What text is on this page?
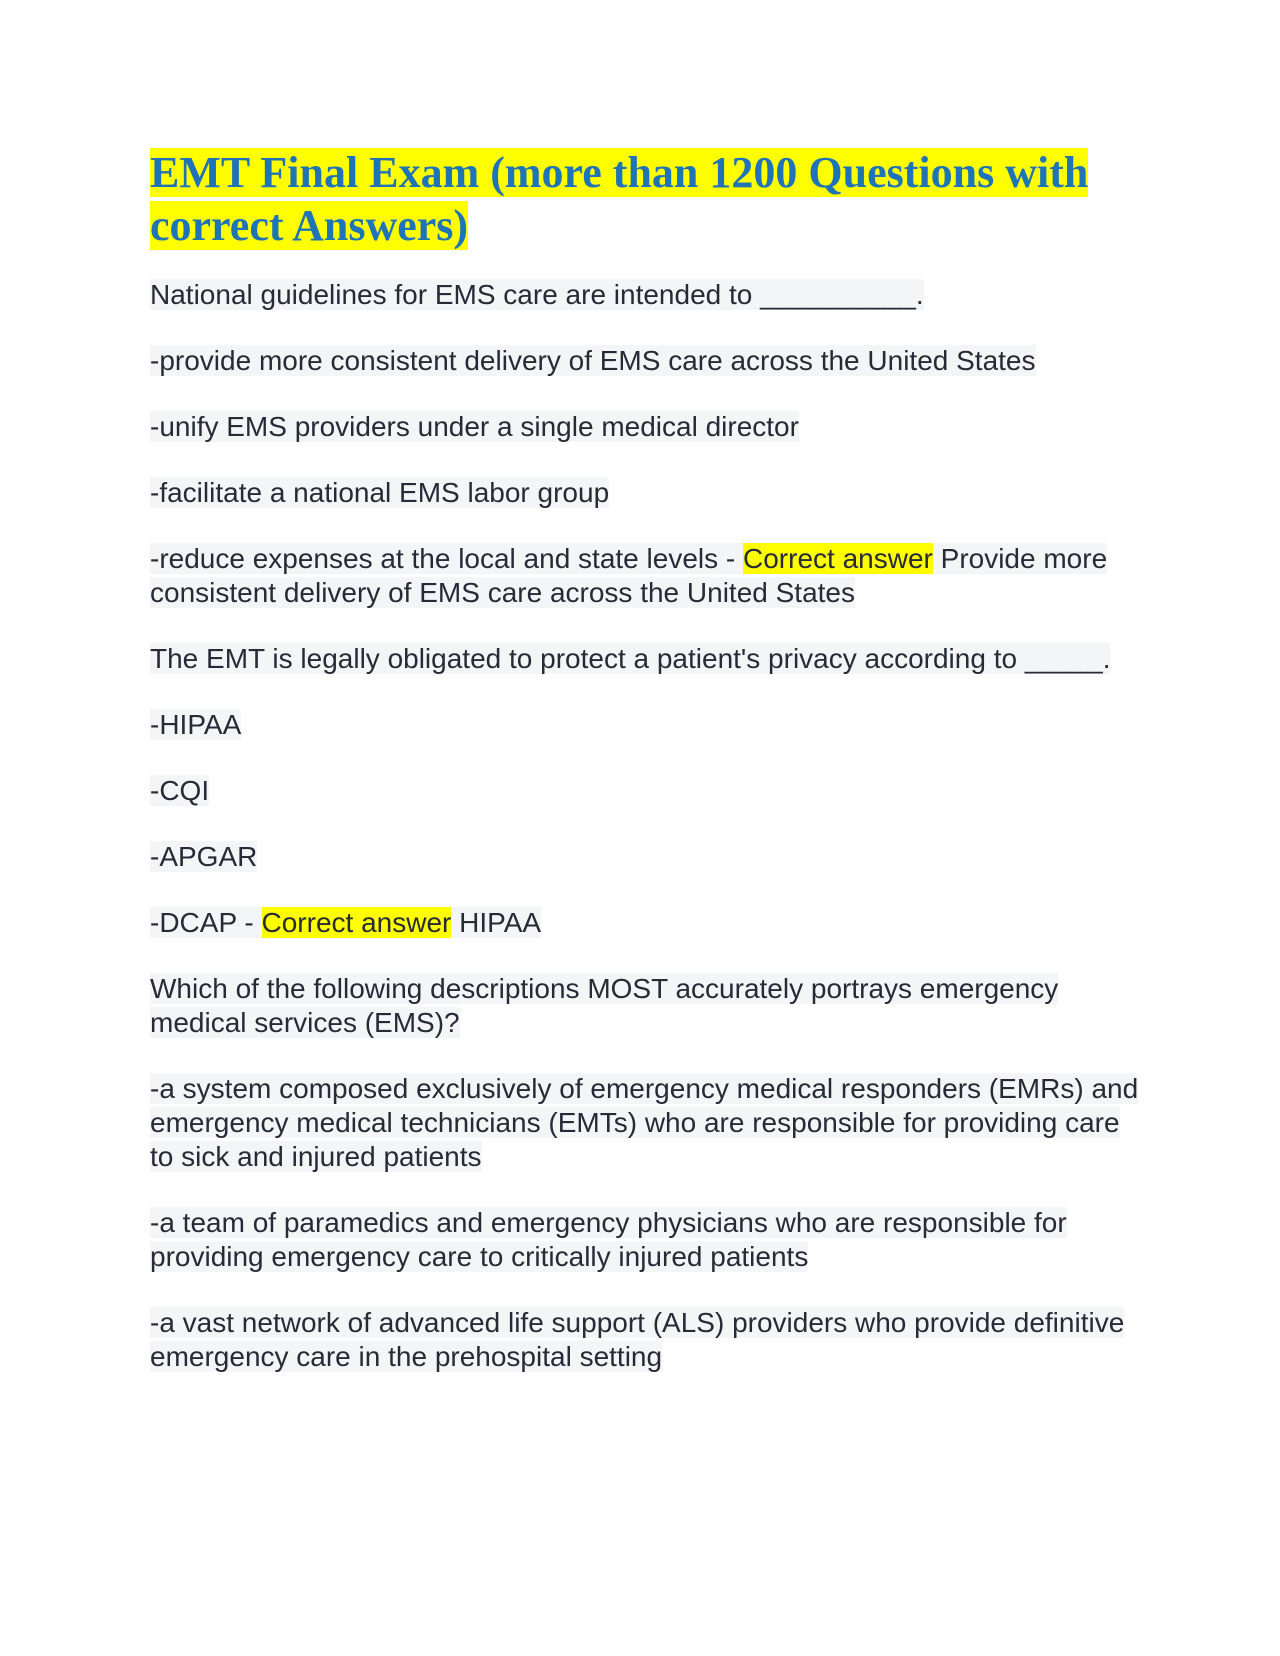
EMT Final Exam (more than 1200 Questions with correct Answers)

National guidelines for EMS care are intended to __________.

-provide more consistent delivery of EMS care across the United States

-unify EMS providers under a single medical director

-facilitate a national EMS labor group

-reduce expenses at the local and state levels - Correct answer Provide more consistent delivery of EMS care across the United States

The EMT is legally obligated to protect a patient's privacy according to _____.

-HIPAA

-CQI

-APGAR

-DCAP - Correct answer HIPAA

Which of the following descriptions MOST accurately portrays emergency medical services (EMS)?

-a system composed exclusively of emergency medical responders (EMRs) and emergency medical technicians (EMTs) who are responsible for providing care to sick and injured patients

-a team of paramedics and emergency physicians who are responsible for providing emergency care to critically injured patients

-a vast network of advanced life support (ALS) providers who provide definitive emergency care in the prehospital setting
